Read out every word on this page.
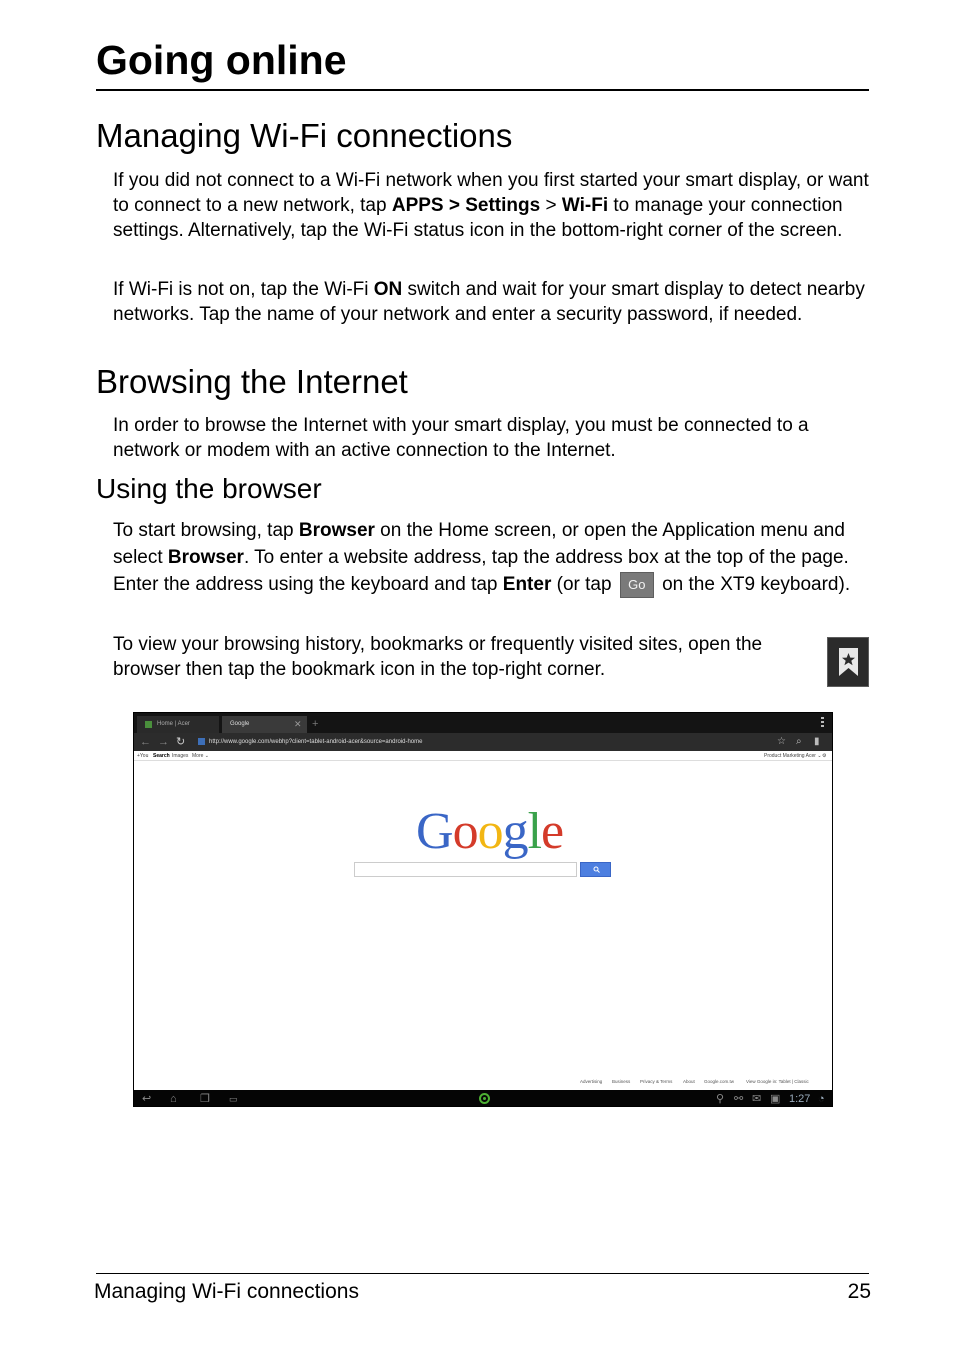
Going online
Managing Wi-Fi connections
If you did not connect to a Wi-Fi network when you first started your smart display, or want to connect to a new network, tap APPS > Settings > Wi-Fi to manage your connection settings. Alternatively, tap the Wi-Fi status icon in the bottom-right corner of the screen.
If Wi-Fi is not on, tap the Wi-Fi ON switch and wait for your smart display to detect nearby networks. Tap the name of your network and enter a security password, if needed.
Browsing the Internet
In order to browse the Internet with your smart display, you must be connected to a network or modem with an active connection to the Internet.
Using the browser
To start browsing, tap Browser on the Home screen, or open the Application menu and select Browser. To enter a website address, tap the address box at the top of the page. Enter the address using the keyboard and tap Enter (or tap Go on the XT9 keyboard).
To view your browsing history, bookmarks or frequently visited sites, open the browser then tap the bookmark icon in the top-right corner.
Home | Acer	Google	✕ +
← → ↻	http://www.google.com/webhp?client=tablet-android-acer&source=android-home	☆ ⌕ ▮
+You Search Images More ⌄	Product Marketing Acer ⌄ ⚙
Google
Advertising Business Privacy & Terms About Google.com.tw	View Google in: Tablet | Classic
↩ ⌂ ❐ ▭	⚲ ⚯ ✉ ▣ 1:27 ◔
Managing Wi-Fi connections	25
